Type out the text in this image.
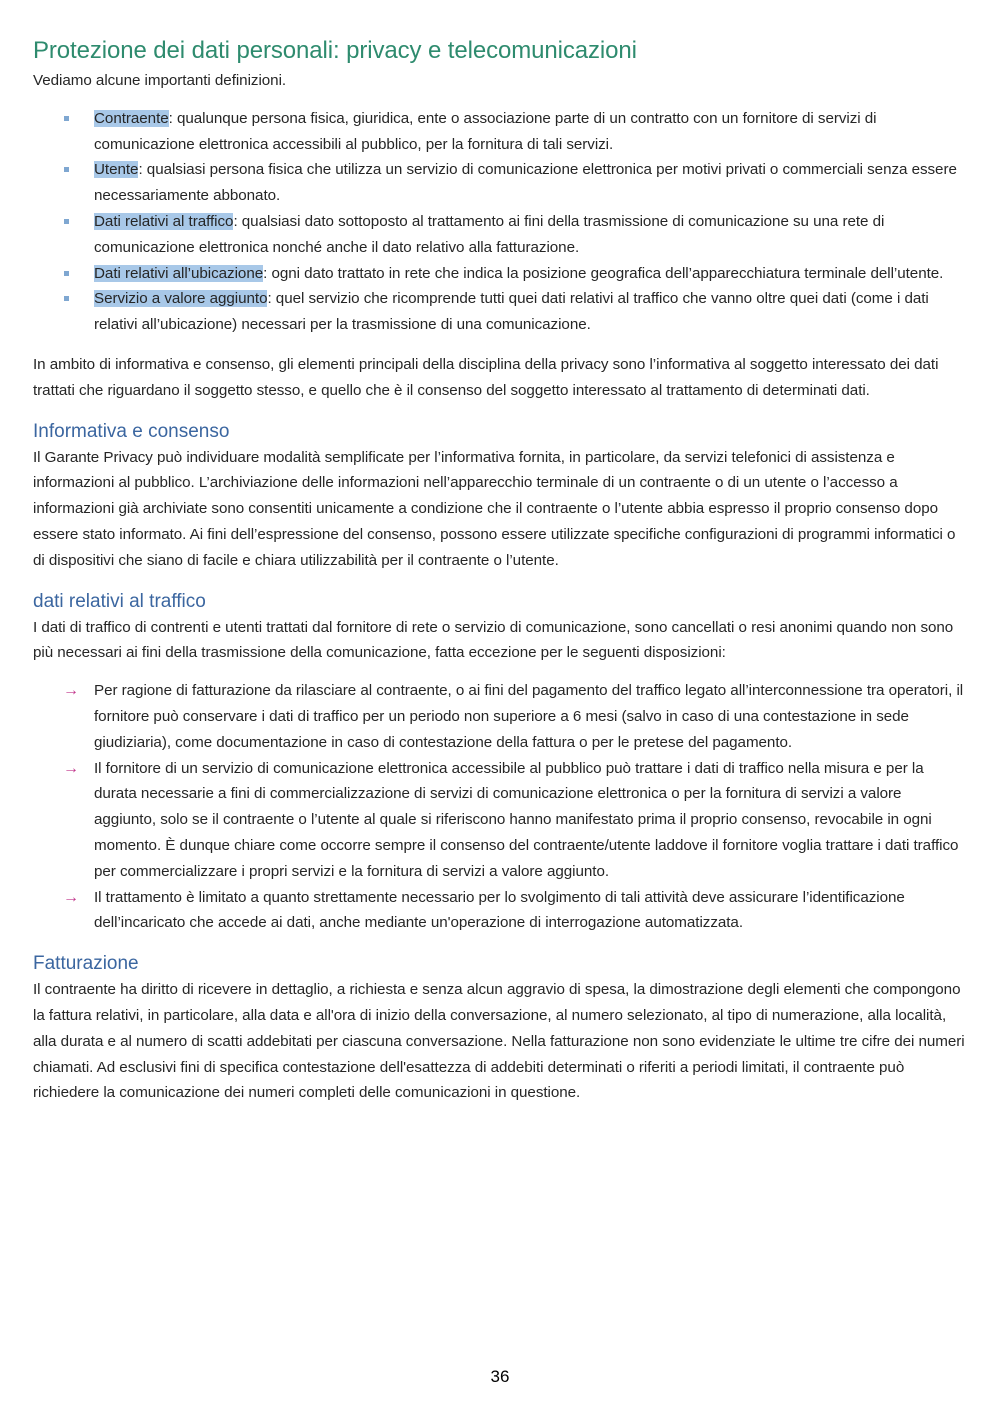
Protezione dei dati personali: privacy e telecomunicazioni

Vediamo alcune importanti definizioni.

Contraente: qualunque persona fisica, giuridica, ente o associazione parte di un contratto con un fornitore di servizi di comunicazione elettronica accessibili al pubblico, per la fornitura di tali servizi.
Utente: qualsiasi persona fisica che utilizza un servizio di comunicazione elettronica per motivi privati o commerciali senza essere necessariamente abbonato.
Dati relativi al traffico: qualsiasi dato sottoposto al trattamento ai fini della trasmissione di comunicazione su una rete di comunicazione elettronica nonché anche il dato relativo alla fatturazione.
Dati relativi all’ubicazione: ogni dato trattato in rete che indica la posizione geografica dell’apparecchiatura terminale dell’utente.
Servizio a valore aggiunto: quel servizio che ricomprende tutti quei dati relativi al traffico che vanno oltre quei dati (come i dati relativi all’ubicazione) necessari per la trasmissione di una comunicazione.

In ambito di informativa e consenso, gli elementi principali della disciplina della privacy sono l’informativa al soggetto interessato dei dati trattati che riguardano il soggetto stesso, e quello che è il consenso del soggetto interessato al trattamento di determinati dati.

Informativa e consenso

Il Garante Privacy può individuare modalità semplificate per l’informativa fornita, in particolare, da servizi telefonici di assistenza e informazioni al pubblico. L’archiviazione delle informazioni nell’apparecchio terminale di un contraente o di un utente o l’accesso a informazioni già archiviate sono consentiti unicamente a condizione che il contraente o l’utente abbia espresso il proprio consenso dopo essere stato informato. Ai fini dell’espressione del consenso, possono essere utilizzate specifiche configurazioni di programmi informatici o di dispositivi che siano di facile e chiara utilizzabilità per il contraente o l’utente.

dati relativi al traffico

I dati di traffico di contrenti e utenti trattati dal fornitore di rete o servizio di comunicazione, sono cancellati o resi anonimi quando non sono più necessari ai fini della trasmissione della comunicazione, fatta eccezione per le seguenti disposizioni:

→ Per ragione di fatturazione da rilasciare al contraente, o ai fini del pagamento del traffico legato all’interconnessione tra operatori, il fornitore può conservare i dati di traffico per un periodo non superiore a 6 mesi (salvo in caso di una contestazione in sede giudiziaria), come documentazione in caso di contestazione della fattura o per le pretese del pagamento.
→ Il fornitore di un servizio di comunicazione elettronica accessibile al pubblico può trattare i dati di traffico nella misura e per la durata necessarie a fini di commercializzazione di servizi di comunicazione elettronica o per la fornitura di servizi a valore aggiunto, solo se il contraente o l’utente al quale si riferiscono hanno manifestato prima il proprio consenso, revocabile in ogni momento. È dunque chiare come occorre sempre il consenso del contraente/utente laddove il fornitore voglia trattare i dati traffico per commercializzare i propri servizi e la fornitura di servizi a valore aggiunto.
→ Il trattamento è limitato a quanto strettamente necessario per lo svolgimento di tali attività deve assicurare l’identificazione dell’incaricato che accede ai dati, anche mediante un'operazione di interrogazione automatizzata.
Fatturazione

Il contraente ha diritto di ricevere in dettaglio, a richiesta e senza alcun aggravio di spesa, la dimostrazione degli elementi che compongono la fattura relativi, in particolare, alla data e all'ora di inizio della conversazione, al numero selezionato, al tipo di numerazione, alla località, alla durata e al numero di scatti addebitati per ciascuna conversazione. Nella fatturazione non sono evidenziate le ultime tre cifre dei numeri chiamati. Ad esclusivi fini di specifica contestazione dell'esattezza di addebiti determinati o riferiti a periodi limitati, il contraente può richiedere la comunicazione dei numeri completi delle comunicazioni in questione.

36
